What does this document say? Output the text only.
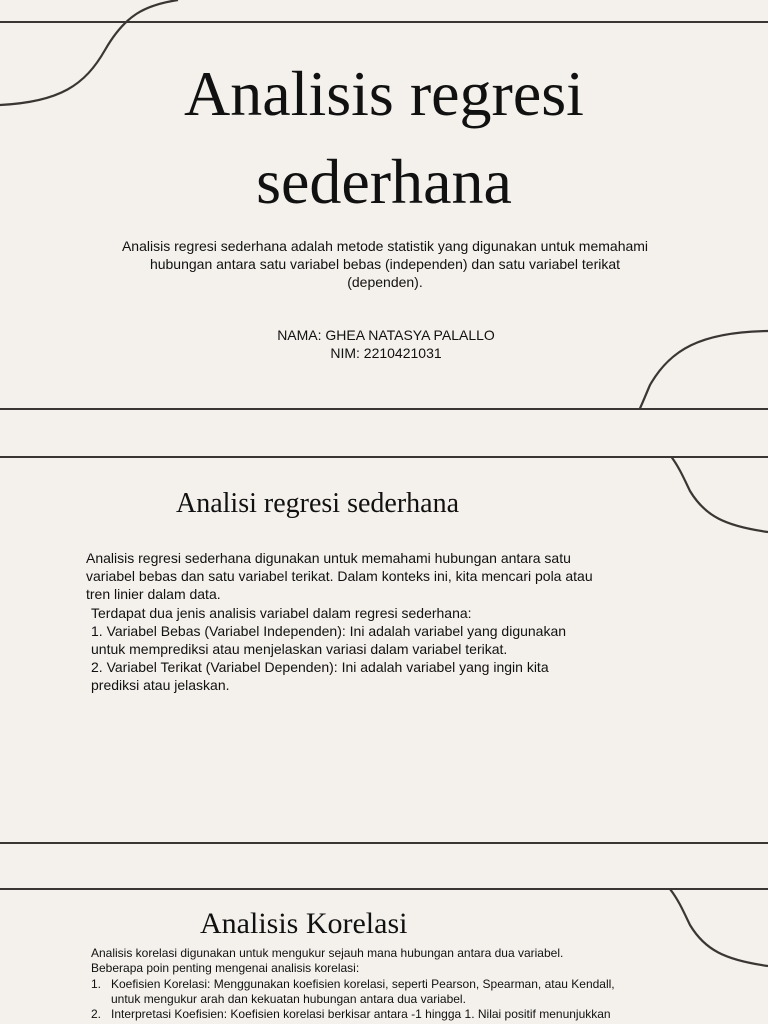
Analisis regresi
sederhana

Analisis regresi sederhana adalah metode statistik yang digunakan untuk memahami
hubungan antara satu variabel bebas (independen) dan satu variabel terikat
(dependen).

NAMA: GHEA NATASYA PALALLO
NIM: 2210421031

Analisi regresi sederhana

Analisis regresi sederhana digunakan untuk memahami hubungan antara satu
variabel bebas dan satu variabel terikat. Dalam konteks ini, kita mencari pola atau
tren linier dalam data.

Terdapat dua jenis analisis variabel dalam regresi sederhana:
1. Variabel Bebas (Variabel Independen): Ini adalah variabel yang digunakan
untuk memprediksi atau menjelaskan variasi dalam variabel terikat.
2. Variabel Terikat (Variabel Dependen): Ini adalah variabel yang ingin kita
prediksi atau jelaskan.

Analisis Korelasi

Analisis korelasi digunakan untuk mengukur sejauh mana hubungan antara dua variabel.
Beberapa poin penting mengenai analisis korelasi:

1. Koefisien Korelasi: Menggunakan koefisien korelasi, seperti Pearson, Spearman, atau Kendall,
untuk mengukur arah dan kekuatan hubungan antara dua variabel.
2. Interpretasi Koefisien: Koefisien korelasi berkisar antara -1 hingga 1. Nilai positif menunjukkan
